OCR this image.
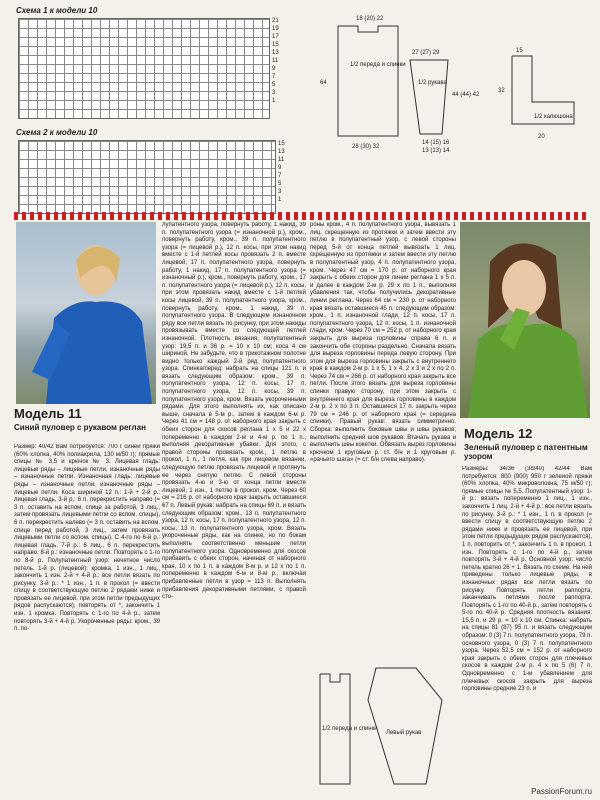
Схема 1 к модели 10
21
19
17
15
13
11
9
7
5
3
1
Схема 2 к модели 10
15
13
11
9
7
5
3
1
1/2 переда и спинки
18 (20) 22
64
28 (30) 32
1/2 рукава
27 (27) 29
44 (44) 42
14 (15) 16
13 (13) 14
1/2 капюшона
15
32
20
Модель 11
Синий пуловер с рукавом реглан

Размер: 40/42 Вам потребуется: 700 г синей пряжи (60% хлопка, 40% полиакрила, 130 м/50 г); прямые спицы № 3,5 и крючок № 3. Лицевая гладь: лицевые ряды – лицевые петли, изнаночные ряды – изнаночные петли. Изнаночная гладь: лицевые ряды – изнаночные петли, изнаночные ряды – лицевые петли. Коса шириной 12 п.: 1-й + 2-й р.: лицевая гладь, 3-й р.: 6 п. перекрестить направо (= 3 п. оставить на вспом. спице за работой, 3 лиц., затем провязать лицевыми петли со вспом. спицы), 6 п. перекрестить налево (= 3 п. оставить на вспом. спице перед работой, 3 лиц., затем провязать лицевыми петли со вспом. спицы). С 4-го по 6-й р.: лицевая гладь. 7-й р.: 6 лиц., 6 п. перекрестить направо. 8-й р.: изнаночные петли. Повторять с 1-го по 8-й р. Полупатентный узор: нечетное число петель. 1-й р. (лицевой): кромка, 1 изн., 1 лиц., закончить 1 изн. 2-й + 4-й р.: все петли вязать по рисунку. 3-й р.: * 1 изн., 1 п. в прокол (= ввести спицу в соответствующую петлю 2 рядами ниже и провязать ее лицевой, при этом петли предыдущих рядов распускаются), повторять от *, закончить 1 изн. 1 кромка. Повторять с 1-го по 4-й р., затем повторять 3-й + 4-й р. Укороченные ряды: кром., 39 п. по-

лупатентного узора, повернуть работу, 1 накид, 39 п. полупатентного узора (= изнаночной р.), кром., повернуть работу, кром., 39 п. полупатентного узора (= лицевой р.), 12 п. косы, при этом накид вместе с 1-й петлей косы провязать 2 п. вместе лицевой, 17 п. полупатентного узора, повернуть работу, 1 накид, 17 п. полупатентного узора (= изнаночный р.), кром., повернуть работу, кром., 17 п. полупатентного узора (= лицевой р.), 12 п. косы, при этом провязать накид вместе с 1-й петлей косы лицевой, 39 п. полупатентного узора, кром., повернуть работу, кром., 1 накид, 39 п. полупатентного узора. В следующем изнаночном ряду все петли вязать по рисунку, при этом накиды провязывать вместе со следующей петлей изнаночной. Плотность вязания, полупатентный узор: 19,5 п. и 36 р. = 10 х 10 см; коса 4 см шириной. Не забудьте, что в трикотажном полотне видно только каждый 2-й ряд полупатентного узора. Спинка/перед: набрать на спицы 121 п. и вязать следующим образом: кром., 39 п. полупатентного узора, 12 п. косы, 17 п. полупатентного узора, 12 п. косы, 39 п. полупатентного узора, кром. Вязать укороченными рядами. Для этого выполнять их, как описано выше, сначала в 5-м р., затем в каждом 6-м р. Через 41 см = 148 р. от наборного края закрыть с обеих сторон для скосов реглана 1 х 5 и 22 х попеременно в каждом 2-м и 4-м р. по 1 п., выполняя декоративные убавки. Для этого, с правой стороны провязать кром., 1 петлю в прокол, 1 п., 1 петля, как при лицевом вязании, следующую петлю провязать лицевой и протянуть ее через снятую петлю. С левой стороны провязать 4-ю и 3-ю от конца петли вместе лицевой, 1 изн., 1 петлю в прокол, кром. Через 60 см = 216 р. от наборного края закрыть оставшиеся 67 п. Левый рукав: набрать на спицы 69 п. и вязать следующим образом: кром., 13 п. полупатентного узора, 12 п. косы, 17 п. полупатентного узора, 12 п. косы, 13 п. полупатентного узора, кром. Вязать укороченные ряды, как на спинке, но по бокам выполнять соответственно меньшие петли полупатентного узора. Одновременно для скосов прибавить с обеих сторон, начиная от наборного края, 10 х по 1 п. в каждом 8-м р. и 12 х по 1 п. попеременно в каждом 6-м и 8-м р., включая прибавленные петли в узор = 113 п. Выполнять прибавления декоративными петлями, с правой сто-

роны кром., 4 п. полупатентного узора, вывязать 1 лиц. скрещенную из протяжки и затем ввести эту петлю в полупатентный узор, с левой стороны перед 5-й от конца петлей вывязать 1 лиц. скрещенную из протяжки и затем ввести эту петлю в полупатентный узор, 4 п. полупатентного узора, кром. Через 47 см = 170 р. от наборного края закрыть с обеих сторон для линии реглана 1 х 5 п. и далее в каждом 2-м р. 29 х по 1 п., выполняя убавления так, чтобы получились декоративные линии реглана. Через 64 см = 230 р. от наборного края вязать оставшиеся 45 п. следующим образом: кром., 1 п. изнаночной глади, 12 п. косы, 17 п. полупатентного узора, 12 п. косы, 1 п. изнаночной глади, кром. Через 70 см = 252 р. от наборного края закрыть для выреза горловины справа 6 п. и закончить обе стороны раздельно. Сначала вязать для выреза горловины переда левую сторону. При этом для выреза горловины закрыть с внутреннего края в каждом 2-м р. 1 х 5, 1 х 4, 2 х 3 и 2 х по 2 п. Через 74 см = 266 р. от наборного края закрыть все петли. После этого вязать для выреза горловины спинки правую сторону, при этом закрыть с внутреннего края для выреза горловины в каждом 2-м р. 2 х по 3 п. Оставшиеся 17 п. закрыть через 79 см = 246 р. от наборного края (= середина спинки). Правый рукав: вязать симметрично. Сборка: выполнить боковые швы и швы рукавов; выполнить средний шов рукавов. Втачать рукава и выполнить швы кокетки. Обвязать вырез горловины крючком 1 круговым р. ст. б/н и 1 круговым р. «рачьего шага» (= ст. б/н слева направо).

1/2 переда и спинки
Левый рукав
Модель 12
Зеленый пуловер с патентным узором

Размеры: 34/36 (38/40) 42/44 Вам потребуется: 800 (900) 950 г зеленой пряжи (60% хлопка, 40% микроволокна, 75 м/50 г); прямые спицы № 5,5. Полупатентный узор: 1-й р.: вязать попеременно 1 лиц., 1 изн., закончить 1 лиц. 2-й + 4-й р.: все петли вязать по рисунку. 3-й р.: * 1 изн., 1 п. в прокол (= ввести спицу в соответствующую петлю 2 рядами ниже и провязать ее лицевой, при этом петли предыдущих рядов распускаются), 1 п. повторить от *, закончить 1 п. в прокол. 1 изн. Повторять с 1-го по 4-й р., затем повторять 3-й + 4-й р. Основной узор: число петель кратно 26 + 1. Вязать по схеме. На ней приведены только лицевые ряды, в изнаночных рядах все петли вязать по рисунку. Повторять петли раппорта, заканчивать петлями после раппорта. Повторять с 1-го по 40-й р., затем повторять с 5-го по 40-й р. Средняя плотность вязания: 15,5 п. и 29 р. = 10 х 10 см. Спинка: набрать на спицы 81 (87) 95 п. и вязать следующим образом: 0 (3) 7 п. полупатентного узора, 79 п. основного узора, 0 (3) 7 п. полупатентного узора. Через 52,5 см = 152 р. от наборного края закрыть с обеих сторон для плечевых скосов в каждом 2-м р. 4 х по 5 (6) 7 п. Одновременно с 1-м убавлением для плечевых скосов закрыть для выреза горловины средние 23 п. и

PassionForum.ru
